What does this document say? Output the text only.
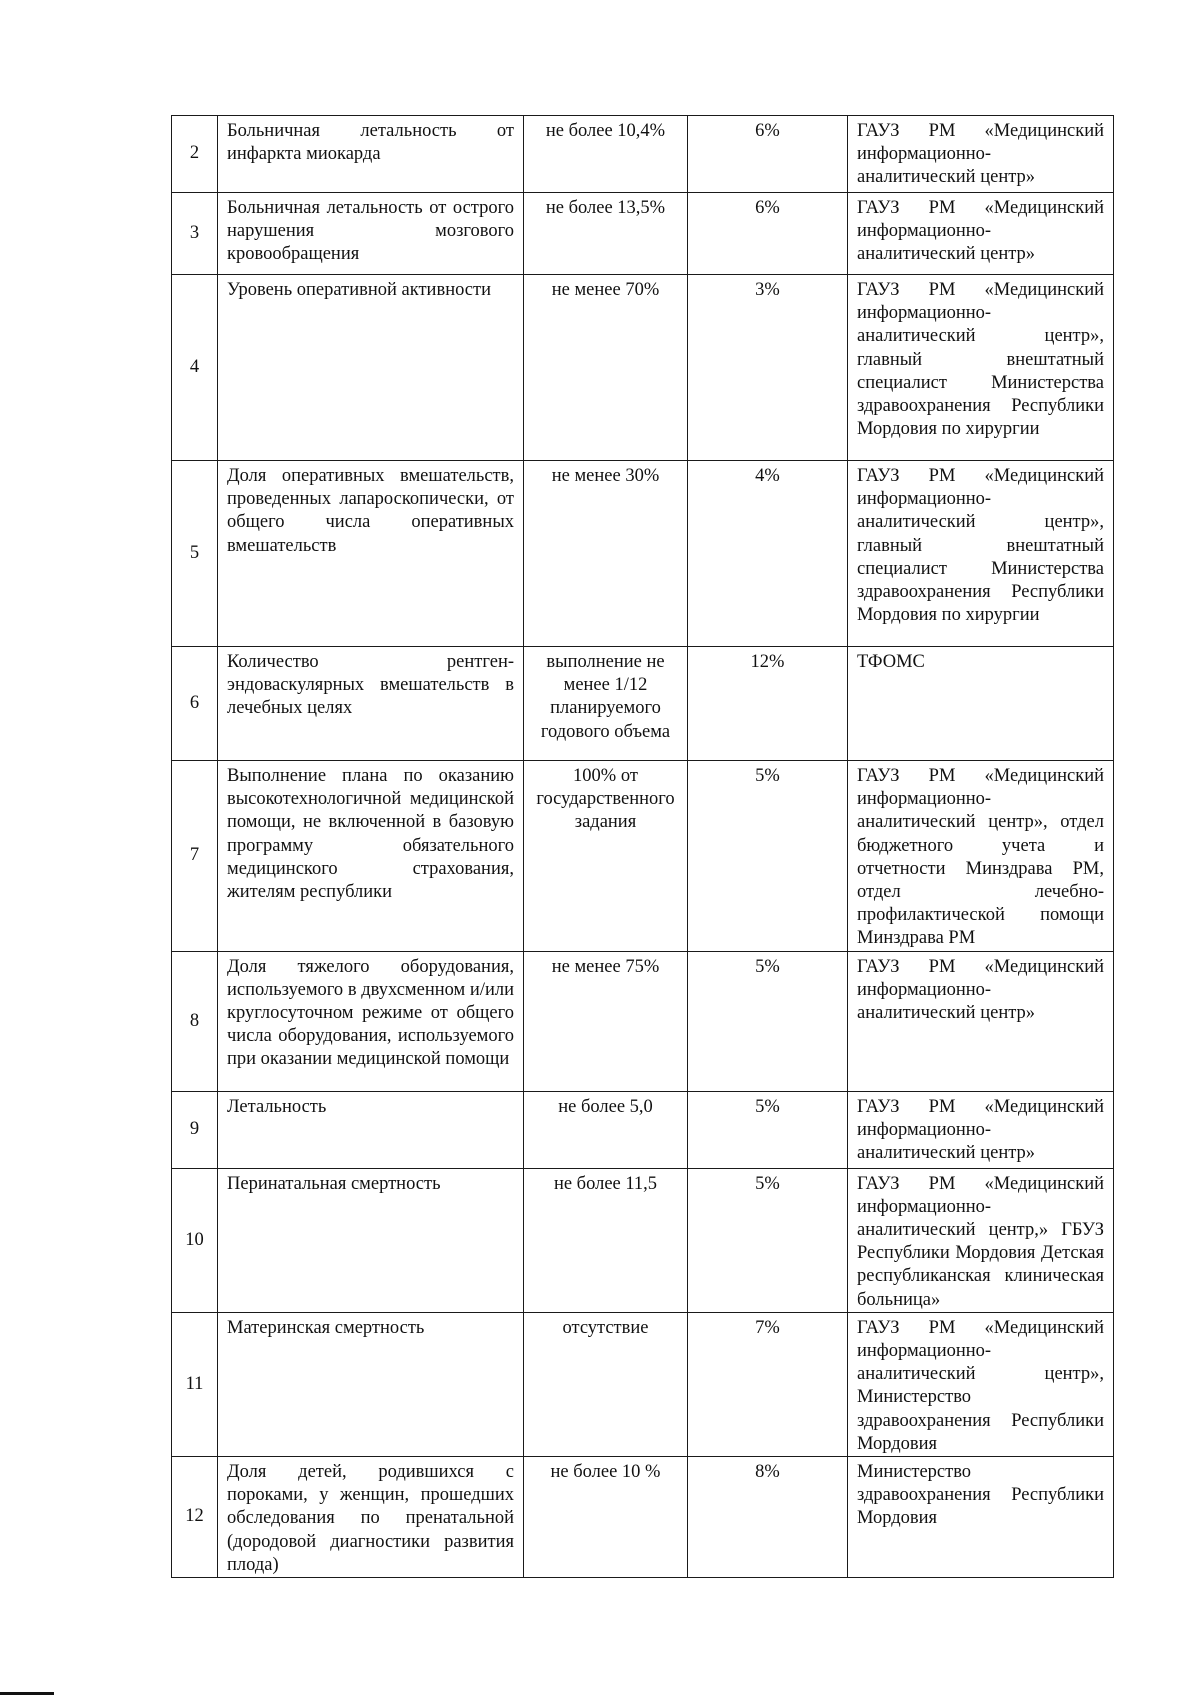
2	Больничная летальность от инфаркта миокарда	не более 10,4%	6%	ГАУЗ РМ «Медицинский информационно-аналитический центр»
3	Больничная летальность от острого нарушения мозгового кровообращения	не более 13,5%	6%	ГАУЗ РМ «Медицинский информационно-аналитический центр»
4	Уровень оперативной активности	не менее 70%	3%	ГАУЗ РМ «Медицинский информационно-аналитический центр», главный внештатный специалист Министерства здравоохранения Республики Мордовия по хирургии
5	Доля оперативных вмешательств, проведенных лапароскопически, от общего числа оперативных вмешательств	не менее 30%	4%	ГАУЗ РМ «Медицинский информационно-аналитический центр», главный внештатный специалист Министерства здравоохранения Республики Мордовия по хирургии
6	Количество рентген-эндоваскулярных вмешательств в лечебных целях	выполнение не менее 1/12 планируемого годового объема	12%	ТФОМС
7	Выполнение плана по оказанию высокотехнологичной медицинской помощи, не включенной в базовую программу обязательного медицинского страхования, жителям республики	100% от государственного задания	5%	ГАУЗ РМ «Медицинский информационно-аналитический центр», отдел бюджетного учета и отчетности Минздрава РМ, отдел лечебно-профилактической помощи Минздрава РМ
8	Доля тяжелого оборудования, используемого в двухсменном и/или круглосуточном режиме от общего числа оборудования, используемого при оказании медицинской помощи	не менее 75%	5%	ГАУЗ РМ «Медицинский информационно-аналитический центр»
9	Летальность	не более 5,0	5%	ГАУЗ РМ «Медицинский информационно-аналитический центр»
10	Перинатальная смертность	не более 11,5	5%	ГАУЗ РМ «Медицинский информационно-аналитический центр,» ГБУЗ Республики Мордовия Детская республиканская клиническая больница»
11	Материнская смертность	отсутствие	7%	ГАУЗ РМ «Медицинский информационно-аналитический центр», Министерство здравоохранения Республики Мордовия
12	Доля детей, родившихся с пороками, у женщин, прошедших обследования по пренатальной (дородовой диагностики развития плода)	не более 10 %	8%	Министерство здравоохранения Республики Мордовия
